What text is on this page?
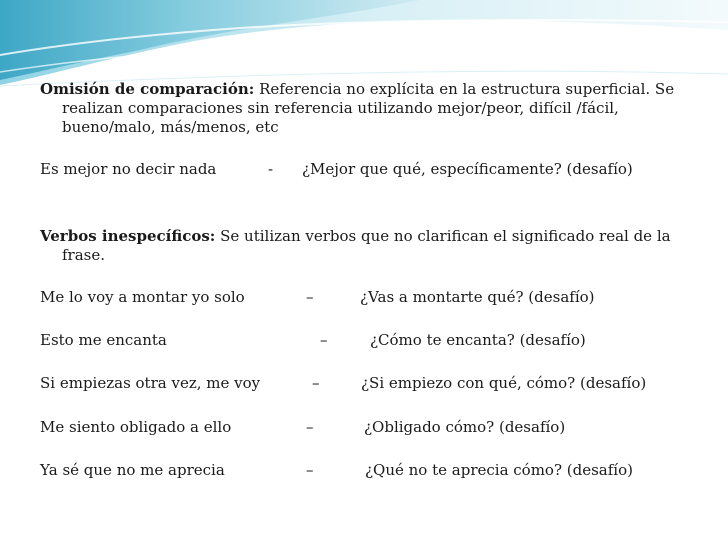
Omisión de comparación: Referencia no explícita en la estructura superficial. Se realizan comparaciones sin referencia utilizando mejor/peor, difícil /fácil, bueno/malo, más/menos, etc
Es mejor no decir nada	- ¿Mejor que qué, específicamente? (desafío)
Verbos inespecíficos: Se utilizan verbos que no clarifican el significado real de la frase.
Me lo voy a montar yo solo	–	¿Vas a montarte qué? (desafío)
Esto me encanta	–	¿Cómo te encanta? (desafío)
Si empiezas otra vez, me voy	–	¿Si empiezo con qué, cómo? (desafío)
Me siento obligado a ello	–	¿Obligado cómo? (desafío)
Ya sé que no me aprecia	–	¿Qué no te aprecia cómo? (desafío)
